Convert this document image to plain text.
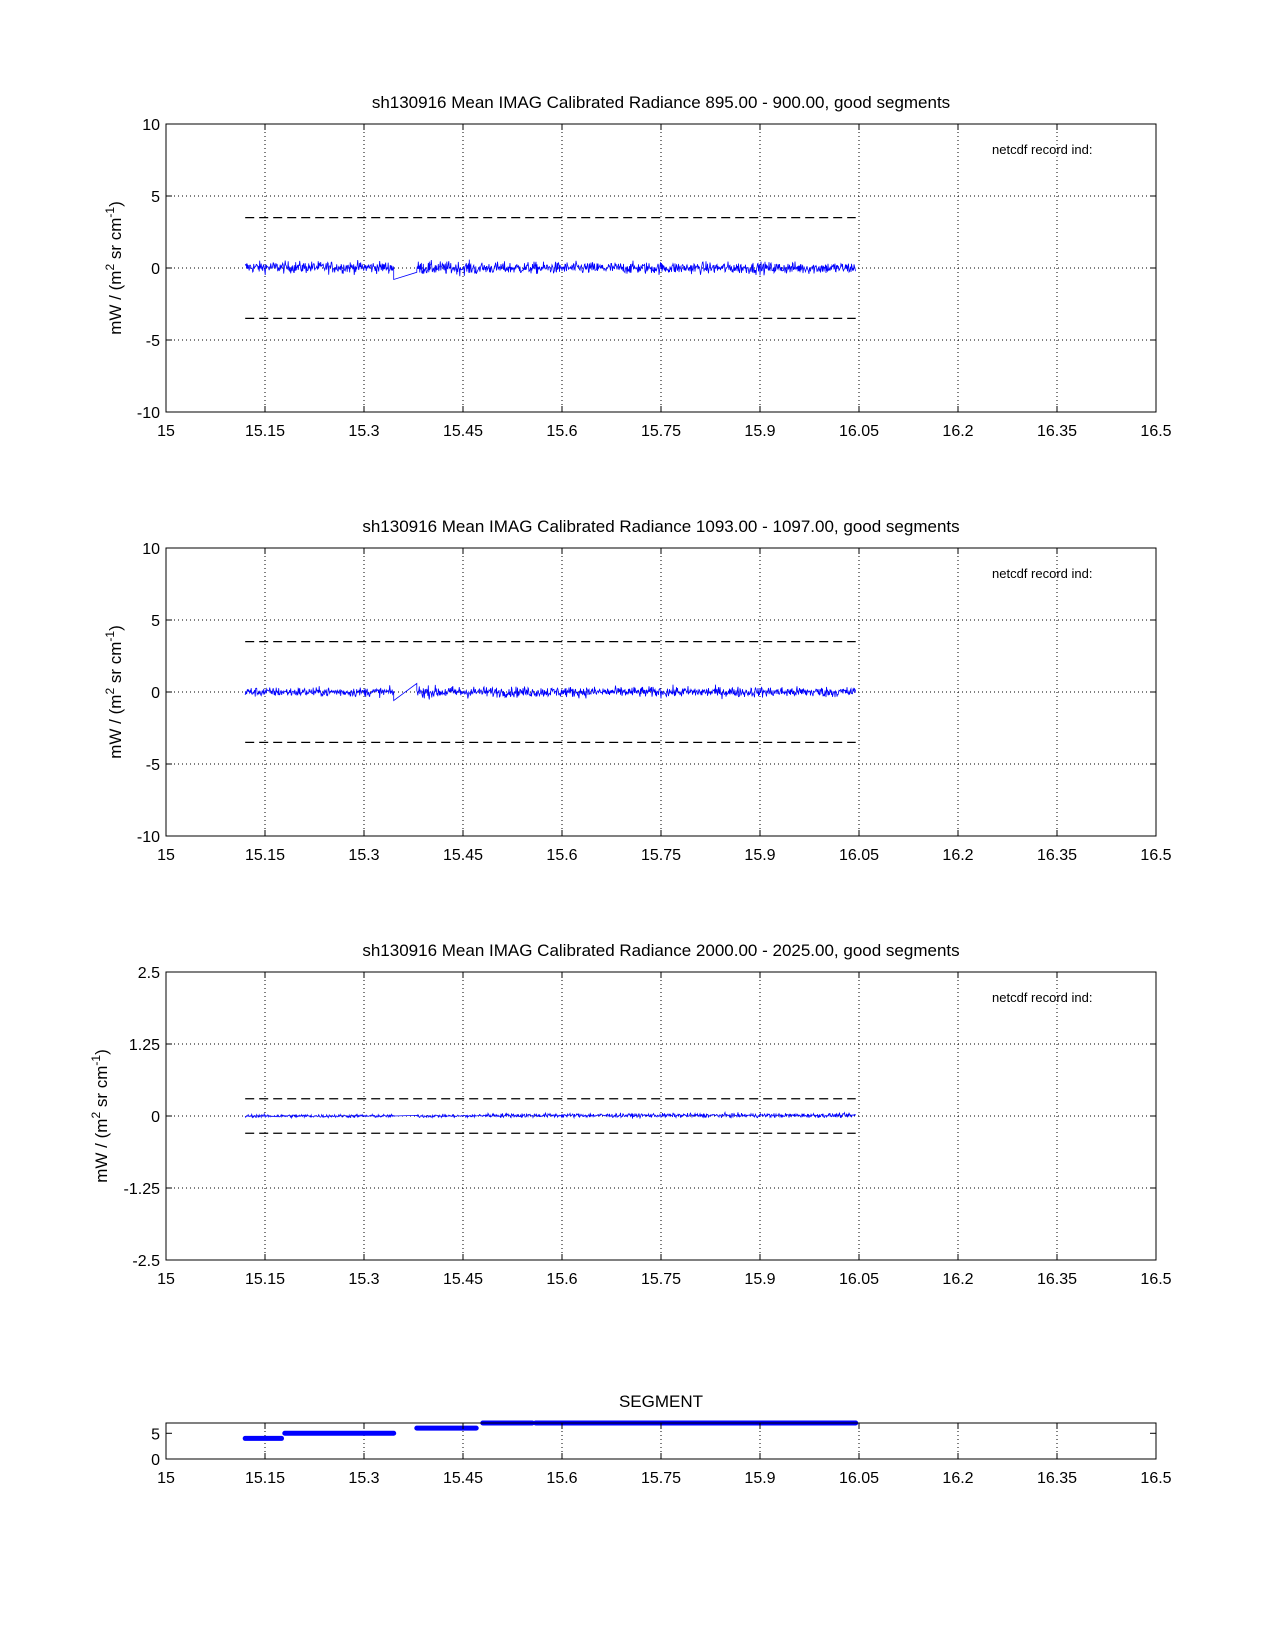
sh130916 Mean IMAG Calibrated Radiance 895.00 - 900.00, good segments
15	15.15	15.3	15.45	15.6	15.75	15.9	16.05	16.2	16.35	16.5
-10
-5
0
5
10
mW / ($m^2$ sr $cm^{-1}$)
netcdf record ind:
sh130916 Mean IMAG Calibrated Radiance 1093.00 - 1097.00, good segments
15	15.15	15.3	15.45	15.6	15.75	15.9	16.05	16.2	16.35	16.5
-10
-5
0
5
10
mW / ($m^2$ sr $cm^{-1}$)
netcdf record ind:
sh130916 Mean IMAG Calibrated Radiance 2000.00 - 2025.00, good segments
15	15.15	15.3	15.45	15.6	15.75	15.9	16.05	16.2	16.35	16.5
-2.5
-1.25
0
1.25
2.5
mW / ($m^2$ sr $cm^{-1}$)
netcdf record ind:
SEGMENT
15	15.15	15.3	15.45	15.6	15.75	15.9	16.05	16.2	16.35	16.5
0
5
